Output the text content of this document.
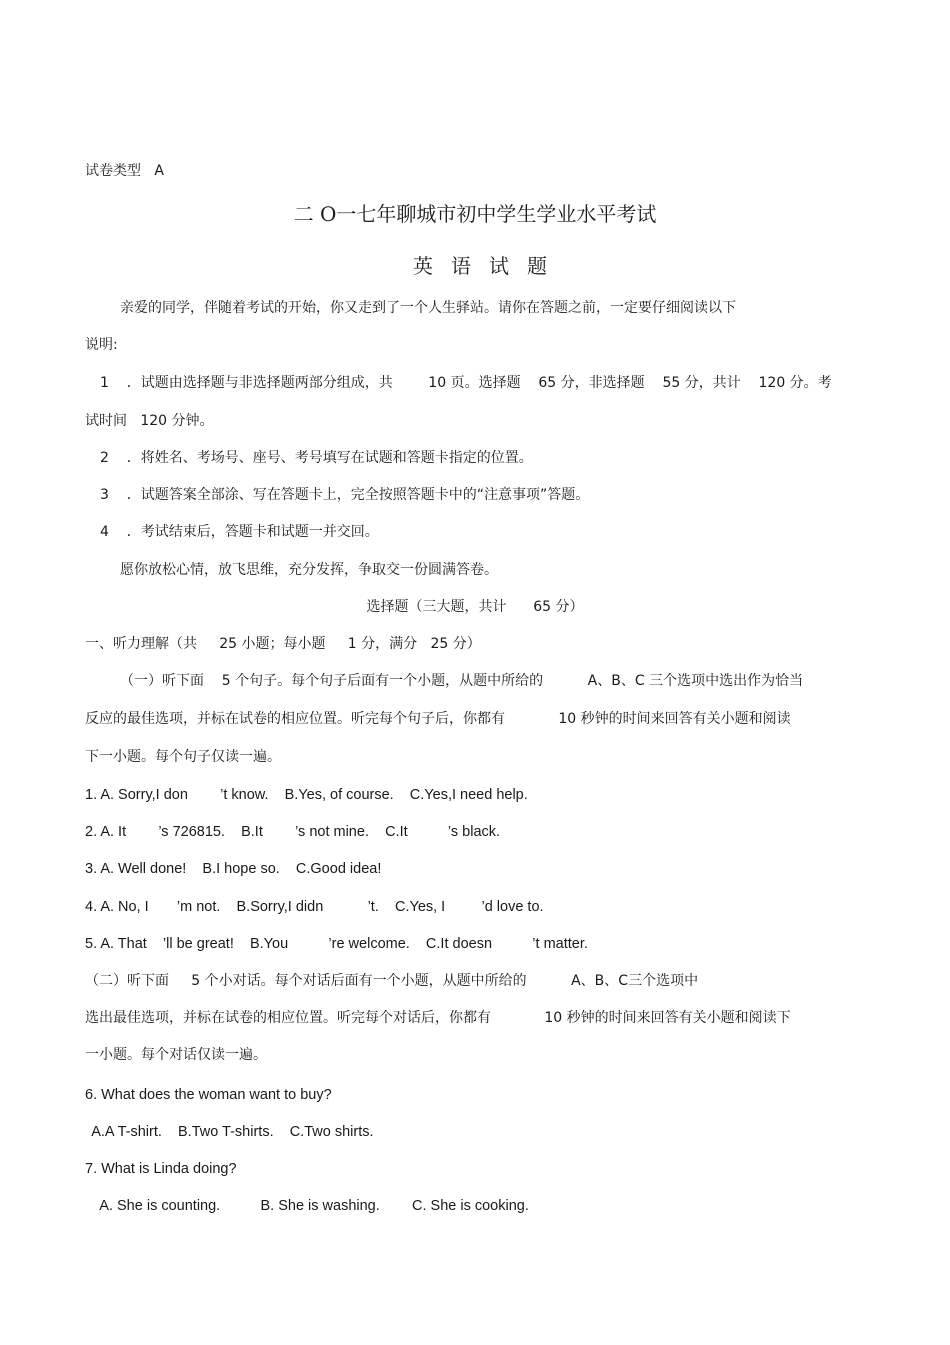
试卷类型   A
二 O一七年聊城市初中学生学业水平考试
英语试题
亲爱的同学，伴随着考试的开始，你又走到了一个人生驿站。请你在答题之前，一定要仔细阅读以下
说明:
1    ．试题由选择题与非选择题两部分组成，共        10 页。选择题    65 分，非选择题    55 分，共计    120 分。考
试时间   120 分钟。
2    ．将姓名、考场号、座号、考号填写在试题和答题卡指定的位置。
3    ．试题答案全部涂、写在答题卡上，完全按照答题卡中的“注意事项”答题。
4    ．考试结束后，答题卡和试题一并交回。
愿你放松心情，放飞思维，充分发挥，争取交一份圆满答卷。
选择题（三大题，共计      65 分）
一、听力理解（共     25 小题；每小题     1 分，满分   25 分）
（一）听下面    5 个句子。每个句子后面有一个小题，从题中所给的          A、B、C 三个选项中选出作为恰当
反应的最佳选项，并标在试卷的相应位置。听完每个句子后，你都有            10 秒钟的时间来回答有关小题和阅读
下一小题。每个句子仅读一遍。
1. A. Sorry,I don        ’t know.    B.Yes, of course.    C.Yes,I need help.
2. A. It        ’s 726815.    B.It        ’s not mine.    C.It          ’s black.
3. A. Well done!    B.I hope so.    C.Good idea!
4. A. No, I       ’m not.    B.Sorry,I didn           ’t.    C.Yes, I         ’d love to.
5. A. That    ’ll be great!    B.You          ’re welcome.    C.It doesn          ’t matter.
（二）听下面     5 个小对话。每个对话后面有一个小题，从题中所给的          A、B、C三个选项中
选出最佳选项，并标在试卷的相应位置。听完每个对话后，你都有            10 秒钟的时间来回答有关小题和阅读下
一小题。每个对话仅读一遍。
6. What does the woman want to buy?
A.A T-shirt.    B.Two T-shirts.    C.Two shirts.
7. What is Linda doing?
A. She is counting.          B. She is washing.        C. She is cooking.
